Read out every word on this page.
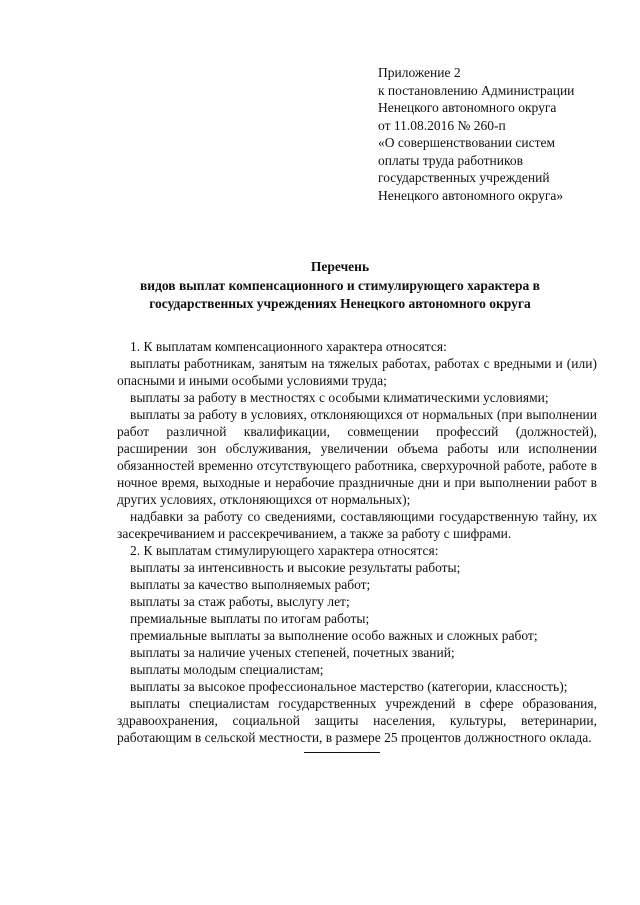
Приложение 2
к постановлению Администрации
Ненецкого автономного округа
от 11.08.2016 № 260-п
«О совершенствовании систем
оплаты труда работников
государственных учреждений
Ненецкого автономного округа»
Перечень
видов выплат компенсационного и стимулирующего характера в
государственных учреждениях Ненецкого автономного округа

1. К выплатам компенсационного характера относятся:

выплаты работникам, занятым на тяжелых работах, работах с вредными и (или) опасными и иными особыми условиями труда;

выплаты за работу в местностях с особыми климатическими условиями;

выплаты за работу в условиях, отклоняющихся от нормальных (при выполнении работ различной квалификации, совмещении профессий (должностей), расширении зон обслуживания, увеличении объема работы или исполнении обязанностей временно отсутствующего работника, сверхурочной работе, работе в ночное время, выходные и нерабочие праздничные дни и при выполнении работ в других условиях, отклоняющихся от нормальных);

надбавки за работу со сведениями, составляющими государственную тайну, их засекречиванием и рассекречиванием, а также за работу с шифрами.

2. К выплатам стимулирующего характера относятся:

выплаты за интенсивность и высокие результаты работы;

выплаты за качество выполняемых работ;

выплаты за стаж работы, выслугу лет;

премиальные выплаты по итогам работы;

премиальные выплаты за выполнение особо важных и сложных работ;

выплаты за наличие ученых степеней, почетных званий;

выплаты молодым специалистам;

выплаты за высокое профессиональное мастерство (категории, классность);

выплаты специалистам государственных учреждений в сфере образования, здравоохранения, социальной защиты населения, культуры, ветеринарии, работающим в сельской местности, в размере 25 процентов должностного оклада.
